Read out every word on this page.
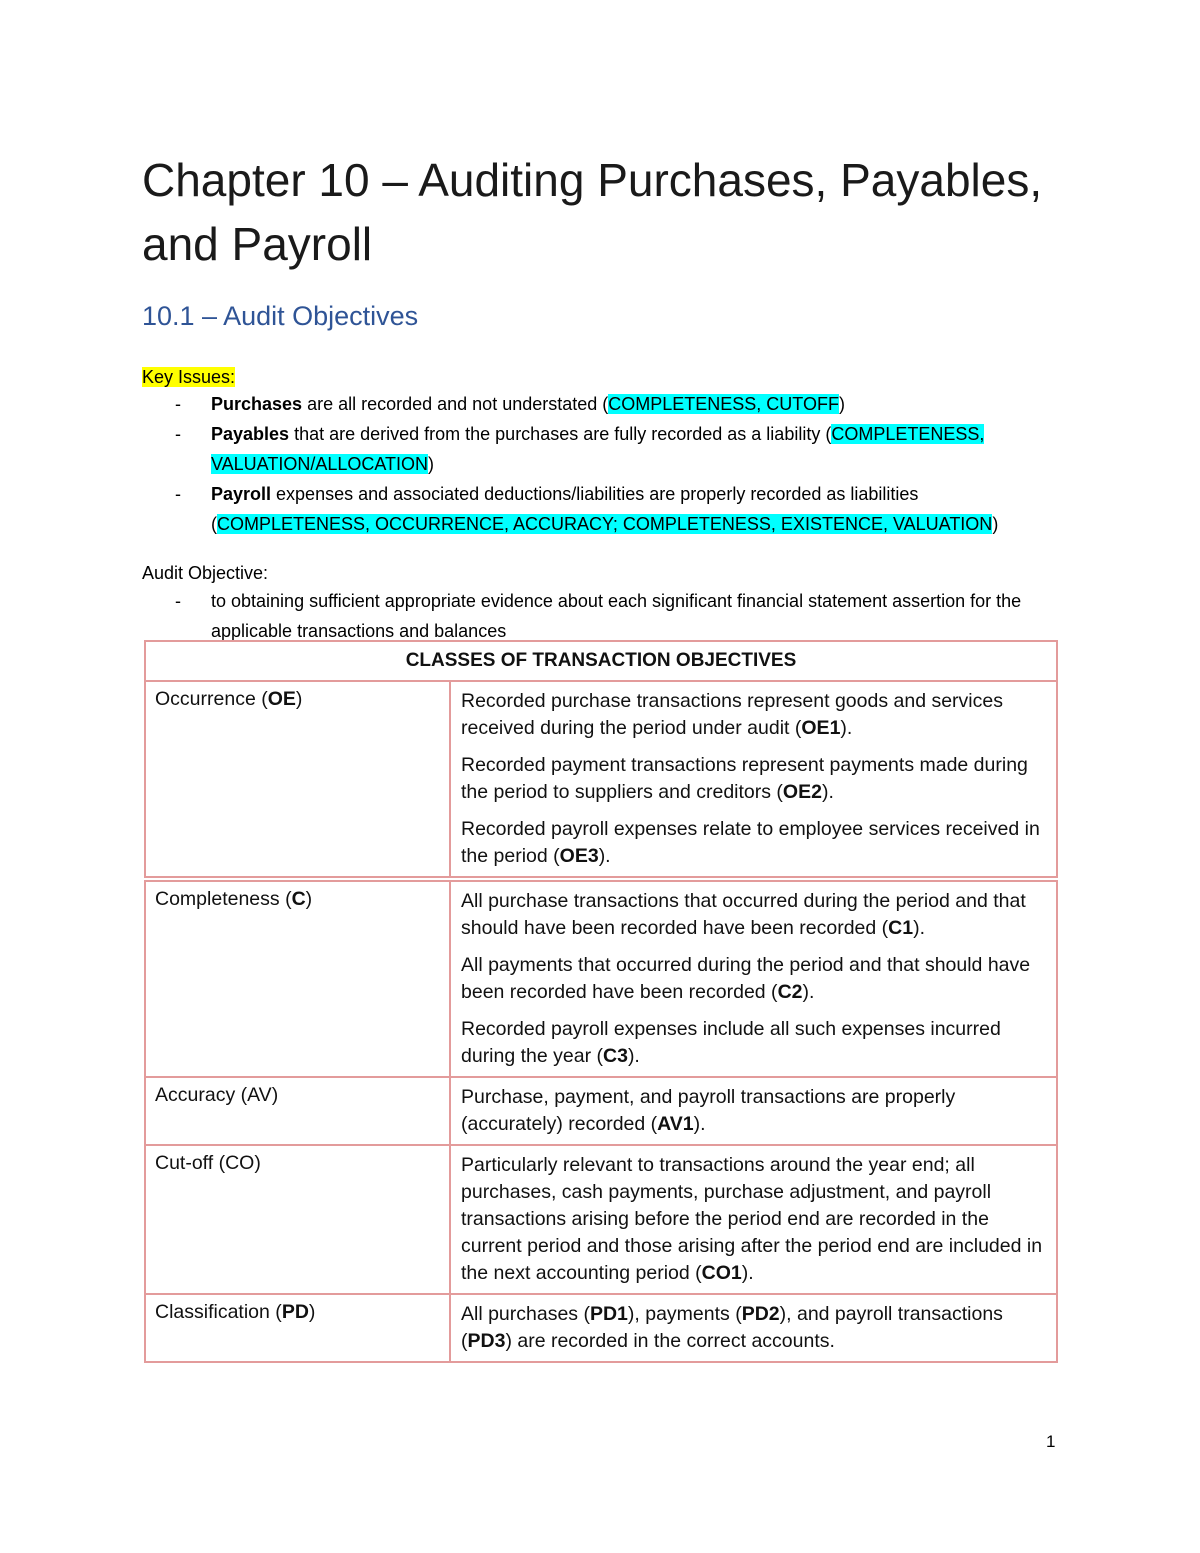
Chapter 10 – Auditing Purchases, Payables, and Payroll
10.1 – Audit Objectives
Key Issues:
- Purchases are all recorded and not understated (COMPLETENESS, CUTOFF)
- Payables that are derived from the purchases are fully recorded as a liability (COMPLETENESS, VALUATION/ALLOCATION)
- Payroll expenses and associated deductions/liabilities are properly recorded as liabilities (COMPLETENESS, OCCURRENCE, ACCURACY; COMPLETENESS, EXISTENCE, VALUATION)
Audit Objective:
- to obtaining sufficient appropriate evidence about each significant financial statement assertion for the applicable transactions and balances
CLASSES OF TRANSACTION OBJECTIVES	
Occurrence (OE)	Recorded purchase transactions represent goods and services received during the period under audit (OE1).

Recorded payment transactions represent payments made during the period to suppliers and creditors (OE2).

Recorded payroll expenses relate to employee services received in the period (OE3).

Completeness (C)	All purchase transactions that occurred during the period and that should have been recorded have been recorded (C1).

All payments that occurred during the period and that should have been recorded have been recorded (C2).

Recorded payroll expenses include all such expenses incurred during the year (C3).

Accuracy (AV)	Purchase, payment, and payroll transactions are properly (accurately) recorded (AV1).

Cut-off (CO)	Particularly relevant to transactions around the year end; all purchases, cash payments, purchase adjustment, and payroll transactions arising before the period end are recorded in the current period and those arising after the period end are included in the next accounting period (CO1).

Classification (PD)	All purchases (PD1), payments (PD2), and payroll transactions (PD3) are recorded in the correct accounts.

1
